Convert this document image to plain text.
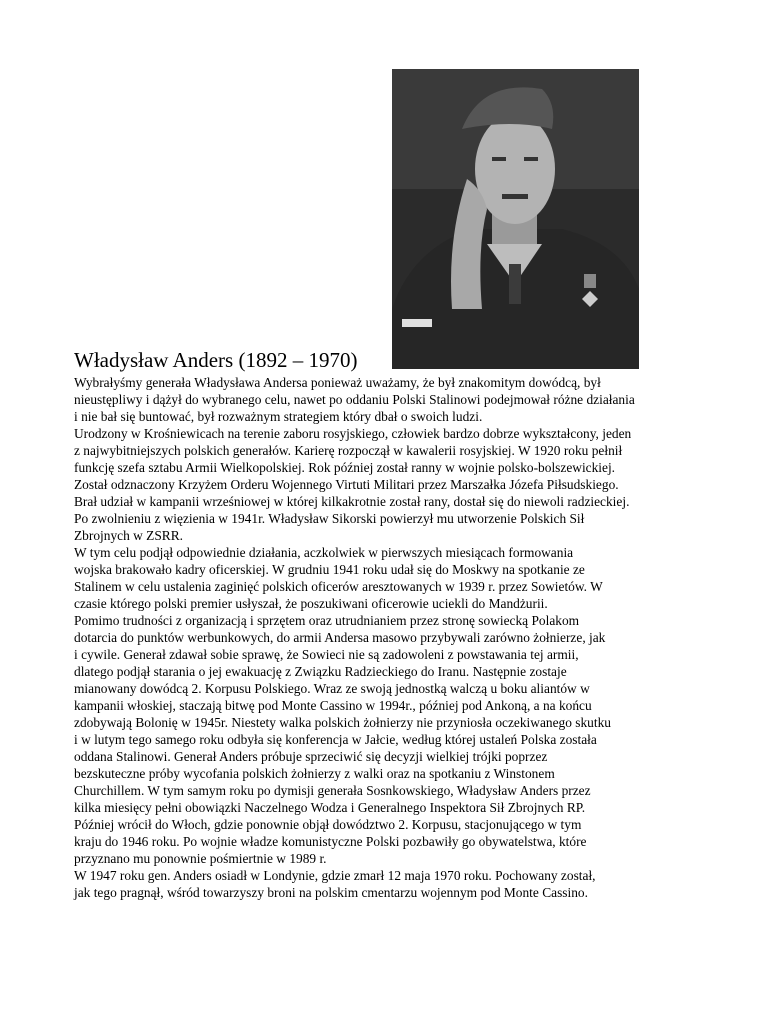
Władysław Anders (1892 – 1970)
Wybrałyśmy generała Władysława Andersa ponieważ uważamy, że był znakomitym dowódcą, był
nieustępliwy i dążył do wybranego celu, nawet po oddaniu Polski Stalinowi podejmował różne działania
i nie bał się buntować, był rozważnym strategiem który dbał o swoich ludzi.
Urodzony w Krośniewicach na terenie zaboru rosyjskiego, człowiek bardzo dobrze wykształcony, jeden
z najwybitniejszych polskich generałów. Karierę rozpoczął w kawalerii rosyjskiej. W 1920 roku pełnił
funkcję szefa sztabu Armii Wielkopolskiej. Rok później został ranny w wojnie polsko-bolszewickiej.
Został odznaczony Krzyżem Orderu Wojennego Virtuti Militari przez Marszałka Józefa Piłsudskiego.
Brał udział w kampanii wrześniowej w której kilkakrotnie został rany, dostał się do niewoli radzieckiej.
Po zwolnieniu z więzienia w 1941r. Władysław Sikorski powierzył mu utworzenie Polskich Sił
Zbrojnych w ZSRR.
W tym celu podjął odpowiednie działania, aczkolwiek w pierwszych miesiącach formowania
wojska brakowało kadry oficerskiej. W grudniu 1941 roku udał się do Moskwy na spotkanie ze
Stalinem w celu ustalenia zaginięć polskich oficerów aresztowanych w 1939 r. przez Sowietów. W
czasie którego polski premier usłyszał, że poszukiwani oficerowie uciekli do Mandżurii.
Pomimo trudności z organizacją i sprzętem oraz utrudnianiem przez stronę sowiecką Polakom
dotarcia do punktów werbunkowych, do armii Andersa masowo przybywali zarówno żołnierze, jak
i cywile. Generał zdawał sobie sprawę, że Sowieci nie są zadowoleni z powstawania tej armii,
dlatego podjął starania o jej ewakuację z Związku Radzieckiego do Iranu. Następnie zostaje
mianowany dowódcą 2. Korpusu Polskiego. Wraz ze swoją jednostką walczą u boku aliantów w
kampanii włoskiej, staczają bitwę pod Monte Cassino w 1994r., później pod Ankoną, a na końcu
zdobywają Bolonię w 1945r. Niestety walka polskich żołnierzy nie przyniosła oczekiwanego skutku
i w lutym tego samego roku odbyła się konferencja w Jałcie, według której ustaleń Polska została
oddana Stalinowi. Generał Anders próbuje sprzeciwić się decyzji wielkiej trójki poprzez
bezskuteczne próby wycofania polskich żołnierzy z walki oraz na spotkaniu z Winstonem
Churchillem. W tym samym roku po dymisji generała Sosnkowskiego, Władysław Anders przez
kilka miesięcy pełni obowiązki Naczelnego Wodza i Generalnego Inspektora Sił Zbrojnych RP.
Później wrócił do Włoch, gdzie ponownie objął dowództwo 2. Korpusu, stacjonującego w tym
kraju do 1946 roku. Po wojnie władze komunistyczne Polski pozbawiły go obywatelstwa, które
przyznano mu ponownie pośmiertnie w 1989 r.
W 1947 roku gen. Anders osiadł w Londynie, gdzie zmarł 12 maja 1970 roku. Pochowany został,
jak tego pragnął, wśród towarzyszy broni na polskim cmentarzu wojennym pod Monte Cassino.
